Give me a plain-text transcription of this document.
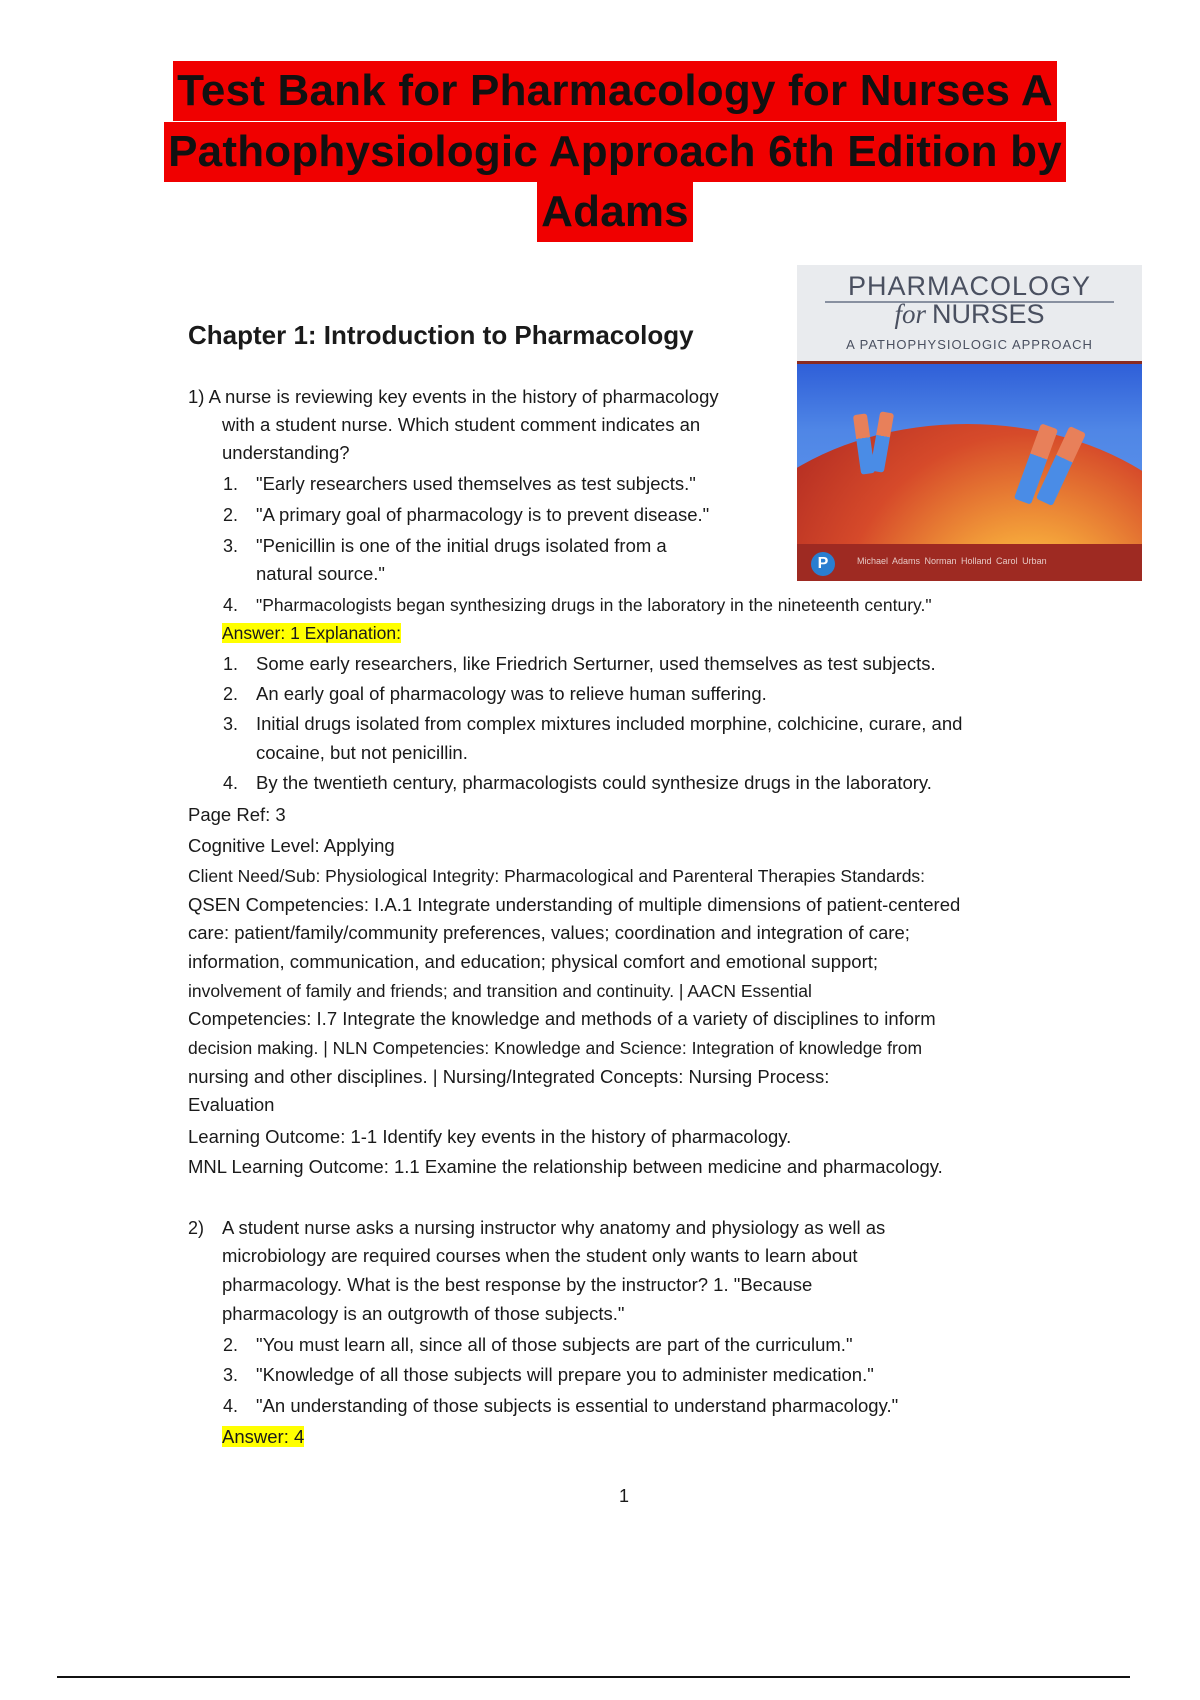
Test Bank for Pharmacology for Nurses A
Pathophysiologic Approach 6th Edition by
Adams
Chapter 1: Introduction to Pharmacology
PHARMACOLOGY
for NURSES
A PATHOPHYSIOLOGIC APPROACH
P	Michael Adams Norman Holland Carol Urban
1) A nurse is reviewing key events in the history of pharmacology
with a student nurse. Which student comment indicates an
understanding?
1. "Early researchers used themselves as test subjects."
2. "A primary goal of pharmacology is to prevent disease."
3. "Penicillin is one of the initial drugs isolated from a
natural source."
4. "Pharmacologists began synthesizing drugs in the laboratory in the nineteenth century."
Answer: 1 Explanation:
1. Some early researchers, like Friedrich Serturner, used themselves as test subjects.
2. An early goal of pharmacology was to relieve human suffering.
3. Initial drugs isolated from complex mixtures included morphine, colchicine, curare, and
cocaine, but not penicillin.
4. By the twentieth century, pharmacologists could synthesize drugs in the laboratory.
Page Ref: 3
Cognitive Level: Applying
Client Need/Sub: Physiological Integrity: Pharmacological and Parenteral Therapies Standards:
QSEN Competencies: I.A.1 Integrate understanding of multiple dimensions of patient-centered
care: patient/family/community preferences, values; coordination and integration of care;
information, communication, and education; physical comfort and emotional support;
involvement of family and friends; and transition and continuity. | AACN Essential
Competencies: I.7 Integrate the knowledge and methods of a variety of disciplines to inform
decision making. | NLN Competencies: Knowledge and Science: Integration of knowledge from
nursing and other disciplines. | Nursing/Integrated Concepts: Nursing Process:
Evaluation
Learning Outcome: 1-1 Identify key events in the history of pharmacology.
MNL Learning Outcome: 1.1 Examine the relationship between medicine and pharmacology.
2) A student nurse asks a nursing instructor why anatomy and physiology as well as
microbiology are required courses when the student only wants to learn about
pharmacology. What is the best response by the instructor? 1. "Because
pharmacology is an outgrowth of those subjects."
2. "You must learn all, since all of those subjects are part of the curriculum."
3. "Knowledge of all those subjects will prepare you to administer medication."
4. "An understanding of those subjects is essential to understand pharmacology."
Answer: 4
1
